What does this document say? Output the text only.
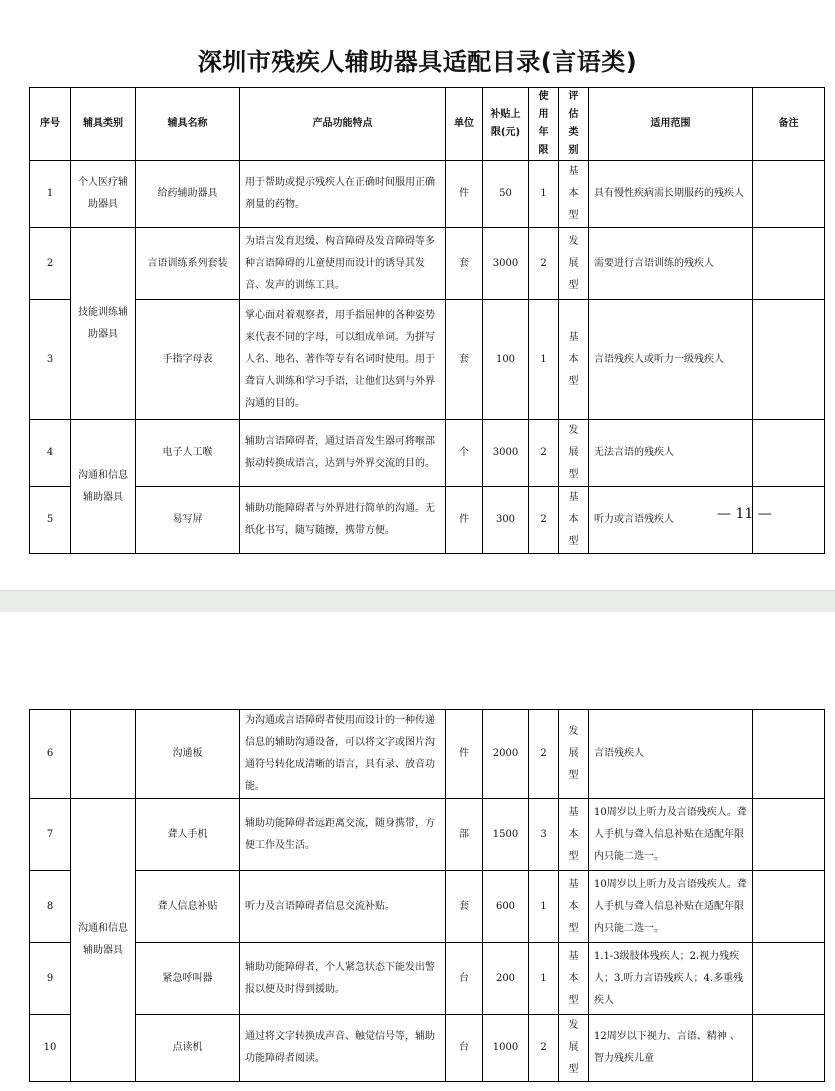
深圳市残疾人辅助器具适配目录(言语类)
序号	辅具类别	辅具名称	产品功能特点	单位	补贴上限(元)	使用年限	评估类别	适用范围	备注
1	个人医疗辅助器具	给药辅助器具	用于帮助或提示残疾人在正确时间服用正确剂量的药物。	件	50	1	基本型	具有慢性疾病需长期服药的残疾人	
2	技能训练辅助器具	言语训练系列套装	为语言发育迟缓、构音障碍及发音障碍等多种言语障碍的儿童使用而设计的诱导其发音、发声的训练工具。	套	3000	2	发展型	需要进行言语训练的残疾人	
3		手指字母表	掌心面对着观察者，用手指屈伸的各种姿势来代表不同的字母，可以组成单词。为拼写人名、地名、著作等专有名词时使用。用于聋盲人训练和学习手语，让他们达到与外界沟通的目的。	套	100	1	基本型	言语残疾人或听力一级残疾人	
4	沟通和信息辅助器具	电子人工喉	辅助言语障碍者，通过语音发生器可将喉部振动转换成语言，达到与外界交流的目的。	个	3000	2	发展型	无法言语的残疾人	
5		易写屏	辅助功能障碍者与外界进行简单的沟通。无纸化书写，随写随擦，携带方便。	件	300	2	基本型	听力或言语残疾人		— 11 —
6		沟通板	为沟通或言语障碍者使用而设计的一种传递信息的辅助沟通设备，可以将文字或图片沟通符号转化成清晰的语言，具有录、放音功能。	件	2000	2	发展型	言语残疾人	
7	沟通和信息辅助器具	聋人手机	辅助功能障碍者远距离交流，随身携带，方便工作及生活。	部	1500	3	基本型	10周岁以上听力及言语残疾人。聋人手机与聋人信息补贴在适配年限内只能二选一。	
8		聋人信息补贴	听力及言语障碍者信息交流补贴。	套	600	1	基本型	10周岁以上听力及言语残疾人。聋人手机与聋人信息补贴在适配年限内只能二选一。	
9		紧急呼叫器	辅助功能障碍者，个人紧急状态下能发出警报以便及时得到援助。	台	200	1	基本型	1.1-3级肢体残疾人；2.视力残疾人；3.听力言语残疾人；4.多重残疾人	
10		点读机	通过将文字转换成声音、触觉信号等，辅助功能障碍者阅读。	台	1000	2	发展型	12周岁以下视力、言语、精神 、智力残疾儿童	
